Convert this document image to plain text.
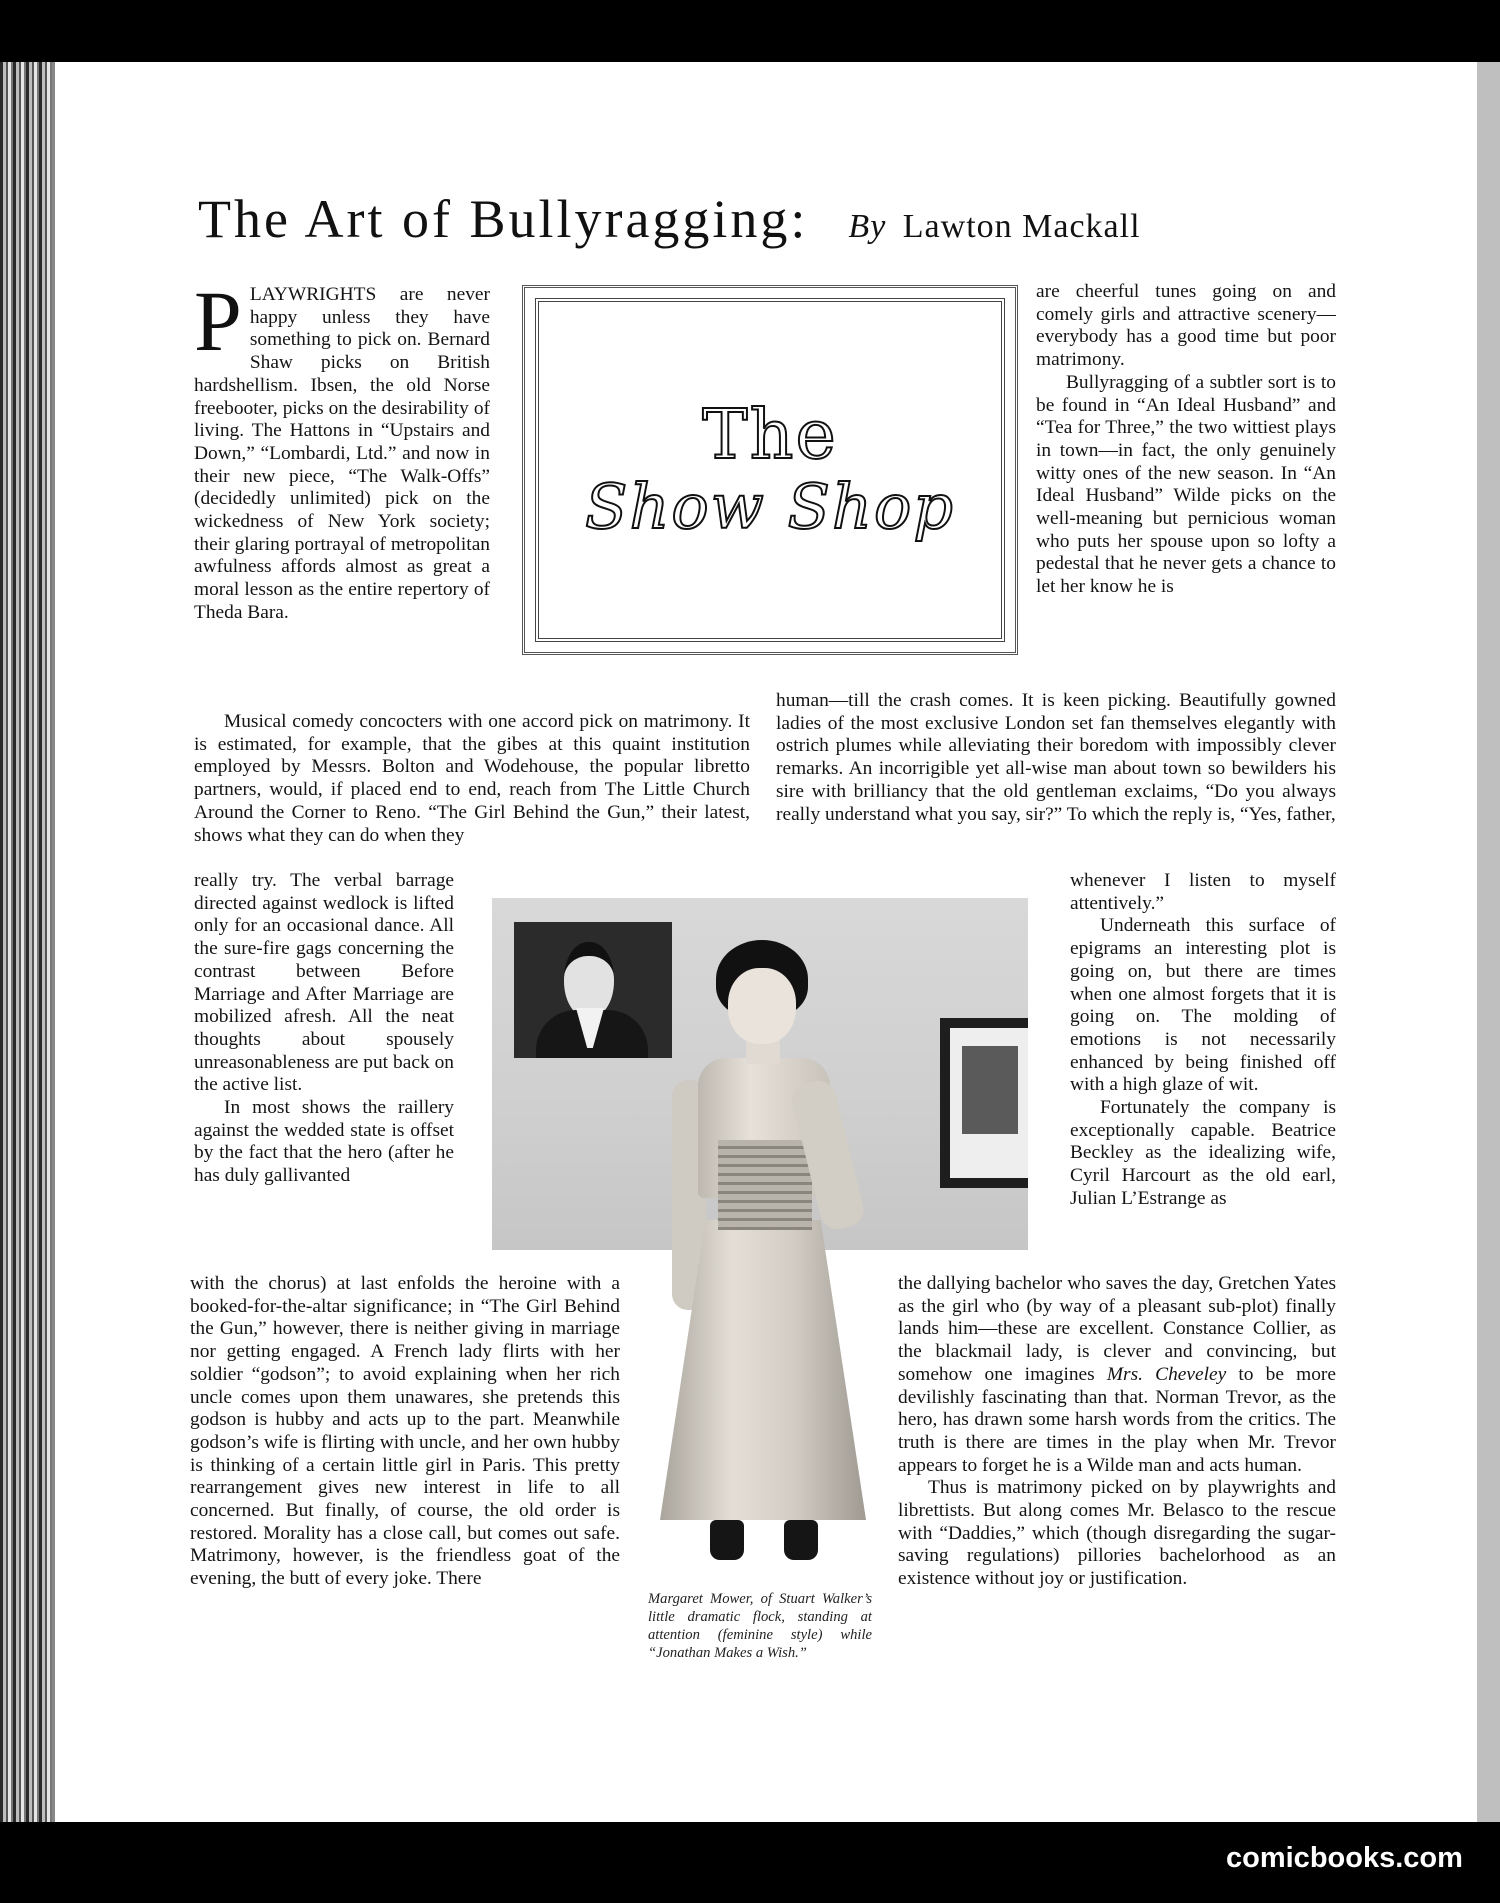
The Art of Bullyragging: By Lawton Mackall

PLAYWRIGHTS are never happy unless they have something to pick on. Bernard Shaw picks on British hardshellism. Ibsen, the old Norse freebooter, picks on the desirability of living. The Hattons in “Upstairs and Down,” “Lombardi, Ltd.” and now in their new piece, “The Walk-Offs” (decidedly unlimited) pick on the wickedness of New York society; their glaring portrayal of metropolitan awfulness affords almost as great a moral lesson as the entire repertory of Theda Bara.

The
Show Shop

are cheerful tunes going on and comely girls and attractive scenery—everybody has a good time but poor matrimony.

Bullyragging of a subtler sort is to be found in “An Ideal Husband” and “Tea for Three,” the two wittiest plays in town—in fact, the only genuinely witty ones of the new season. In “An Ideal Husband” Wilde picks on the well-meaning but pernicious woman who puts her spouse upon so lofty a pedestal that he never gets a chance to let her know he is

Musical comedy concocters with one accord pick on matrimony. It is estimated, for example, that the gibes at this quaint institution employed by Messrs. Bolton and Wodehouse, the popular libretto partners, would, if placed end to end, reach from The Little Church Around the Corner to Reno. “The Girl Behind the Gun,” their latest, shows what they can do when they

human—till the crash comes. It is keen picking. Beautifully gowned ladies of the most exclusive London set fan themselves elegantly with ostrich plumes while alleviating their boredom with impossibly clever remarks. An incorrigible yet all-wise man about town so bewilders his sire with brilliancy that the old gentleman exclaims, “Do you always really understand what you say, sir?” To which the reply is, “Yes, father,

really try. The verbal barrage directed against wedlock is lifted only for an occasional dance. All the sure-fire gags concerning the contrast between Before Marriage and After Marriage are mobilized afresh. All the neat thoughts about spousely unreasonableness are put back on the active list.

In most shows the raillery against the wedded state is offset by the fact that the hero (after he has duly gallivanted

whenever I listen to myself attentively.”

Underneath this surface of epigrams an interesting plot is going on, but there are times when one almost forgets that it is going on. The molding of emotions is not necessarily enhanced by being finished off with a high glaze of wit.

Fortunately the company is exceptionally capable. Beatrice Beckley as the idealizing wife, Cyril Harcourt as the old earl, Julian L’Estrange as

with the chorus) at last enfolds the heroine with a booked-for-the-altar significance; in “The Girl Behind the Gun,” however, there is neither giving in marriage nor getting engaged. A French lady flirts with her soldier “godson”; to avoid explaining when her rich uncle comes upon them unawares, she pretends this godson is hubby and acts up to the part. Meanwhile godson’s wife is flirting with uncle, and her own hubby is thinking of a certain little girl in Paris. This pretty rearrangement gives new interest in life to all concerned. But finally, of course, the old order is restored. Morality has a close call, but comes out safe. Matrimony, however, is the friendless goat of the evening, the butt of every joke. There

the dallying bachelor who saves the day, Gretchen Yates as the girl who (by way of a pleasant sub-plot) finally lands him—these are excellent. Constance Collier, as the blackmail lady, is clever and convincing, but somehow one imagines Mrs. Cheveley to be more devilishly fascinating than that. Norman Trevor, as the hero, has drawn some harsh words from the critics. The truth is there are times in the play when Mr. Trevor appears to forget he is a Wilde man and acts human.

Thus is matrimony picked on by playwrights and librettists. But along comes Mr. Belasco to the rescue with “Daddies,” which (though disregarding the sugar-saving regulations) pillories bachelorhood as an existence without joy or justification.

Margaret Mower, of Stuart Walker’s little dramatic flock, standing at attention (feminine style) while “Jonathan Makes a Wish.”
comicbooks.com
